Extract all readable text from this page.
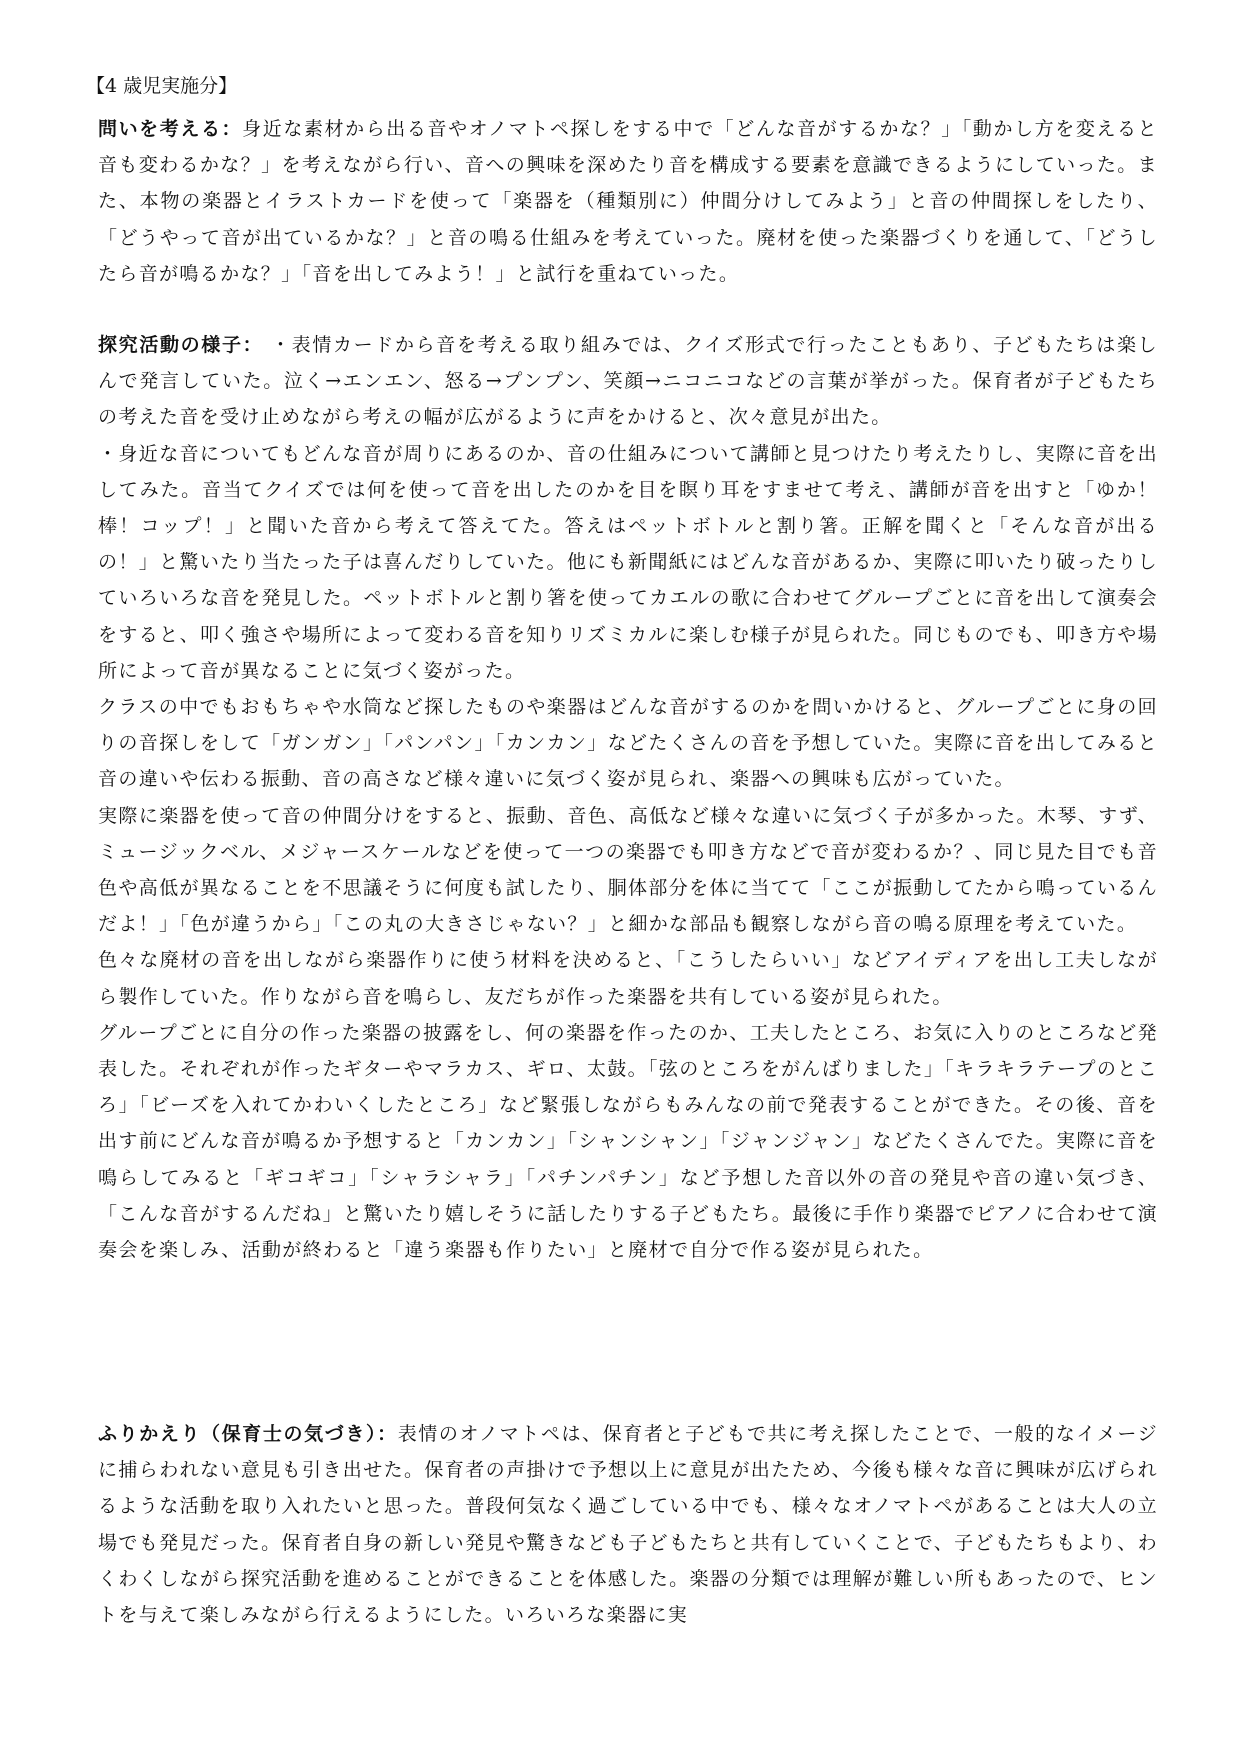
【4 歳児実施分】

問いを考える：身近な素材から出る音やオノマトペ探しをする中で「どんな音がするかな？」「動かし方を変えると音も変わるかな？」を考えながら行い、音への興味を深めたり音を構成する要素を意識できるようにしていった。また、本物の楽器とイラストカードを使って「楽器を（種類別に）仲間分けしてみよう」と音の仲間探しをしたり、「どうやって音が出ているかな？」と音の鳴る仕組みを考えていった。廃材を使った楽器づくりを通して、「どうしたら音が鳴るかな？」「音を出してみよう！」と試行を重ねていった。

探究活動の様子： ・表情カードから音を考える取り組みでは、クイズ形式で行ったこともあり、子どもたちは楽しんで発言していた。泣く→エンエン、怒る→プンプン、笑顔→ニコニコなどの言葉が挙がった。保育者が子どもたちの考えた音を受け止めながら考えの幅が広がるように声をかけると、次々意見が出た。

・身近な音についてもどんな音が周りにあるのか、音の仕組みについて講師と見つけたり考えたりし、実際に音を出してみた。音当てクイズでは何を使って音を出したのかを目を瞑り耳をすませて考え、講師が音を出すと「ゆか！棒！コップ！」と聞いた音から考えて答えてた。答えはペットボトルと割り箸。正解を聞くと「そんな音が出るの！」と驚いたり当たった子は喜んだりしていた。他にも新聞紙にはどんな音があるか、実際に叩いたり破ったりしていろいろな音を発見した。ペットボトルと割り箸を使ってカエルの歌に合わせてグループごとに音を出して演奏会をすると、叩く強さや場所によって変わる音を知りリズミカルに楽しむ様子が見られた。同じものでも、叩き方や場所によって音が異なることに気づく姿がった。

クラスの中でもおもちゃや水筒など探したものや楽器はどんな音がするのかを問いかけると、グループごとに身の回りの音探しをして「ガンガン」「パンパン」「カンカン」などたくさんの音を予想していた。実際に音を出してみると音の違いや伝わる振動、音の高さなど様々違いに気づく姿が見られ、楽器への興味も広がっていた。

実際に楽器を使って音の仲間分けをすると、振動、音色、高低など様々な違いに気づく子が多かった。木琴、すず、ミュージックベル、メジャースケールなどを使って一つの楽器でも叩き方などで音が変わるか？、同じ見た目でも音色や高低が異なることを不思議そうに何度も試したり、胴体部分を体に当てて「ここが振動してたから鳴っているんだよ！」「色が違うから」「この丸の大きさじゃない？」と細かな部品も観察しながら音の鳴る原理を考えていた。

色々な廃材の音を出しながら楽器作りに使う材料を決めると、「こうしたらいい」などアイディアを出し工夫しながら製作していた。作りながら音を鳴らし、友だちが作った楽器を共有している姿が見られた。

グループごとに自分の作った楽器の披露をし、何の楽器を作ったのか、工夫したところ、お気に入りのところなど発表した。それぞれが作ったギターやマラカス、ギロ、太鼓。「弦のところをがんばりました」「キラキラテープのところ」「ビーズを入れてかわいくしたところ」など緊張しながらもみんなの前で発表することができた。その後、音を出す前にどんな音が鳴るか予想すると「カンカン」「シャンシャン」「ジャンジャン」などたくさんでた。実際に音を鳴らしてみると「ギコギコ」「シャラシャラ」「パチンパチン」など予想した音以外の音の発見や音の違い気づき、「こんな音がするんだね」と驚いたり嬉しそうに話したりする子どもたち。最後に手作り楽器でピアノに合わせて演奏会を楽しみ、活動が終わると「違う楽器も作りたい」と廃材で自分で作る姿が見られた。

ふりかえり（保育士の気づき）：表情のオノマトペは、保育者と子どもで共に考え探したことで、一般的なイメージに捕らわれない意見も引き出せた。保育者の声掛けで予想以上に意見が出たため、今後も様々な音に興味が広げられるような活動を取り入れたいと思った。普段何気なく過ごしている中でも、様々なオノマトペがあることは大人の立場でも発見だった。保育者自身の新しい発見や驚きなども子どもたちと共有していくことで、子どもたちもより、わくわくしながら探究活動を進めることができることを体感した。楽器の分類では理解が難しい所もあったので、ヒントを与えて楽しみながら行えるようにした。いろいろな楽器に実
